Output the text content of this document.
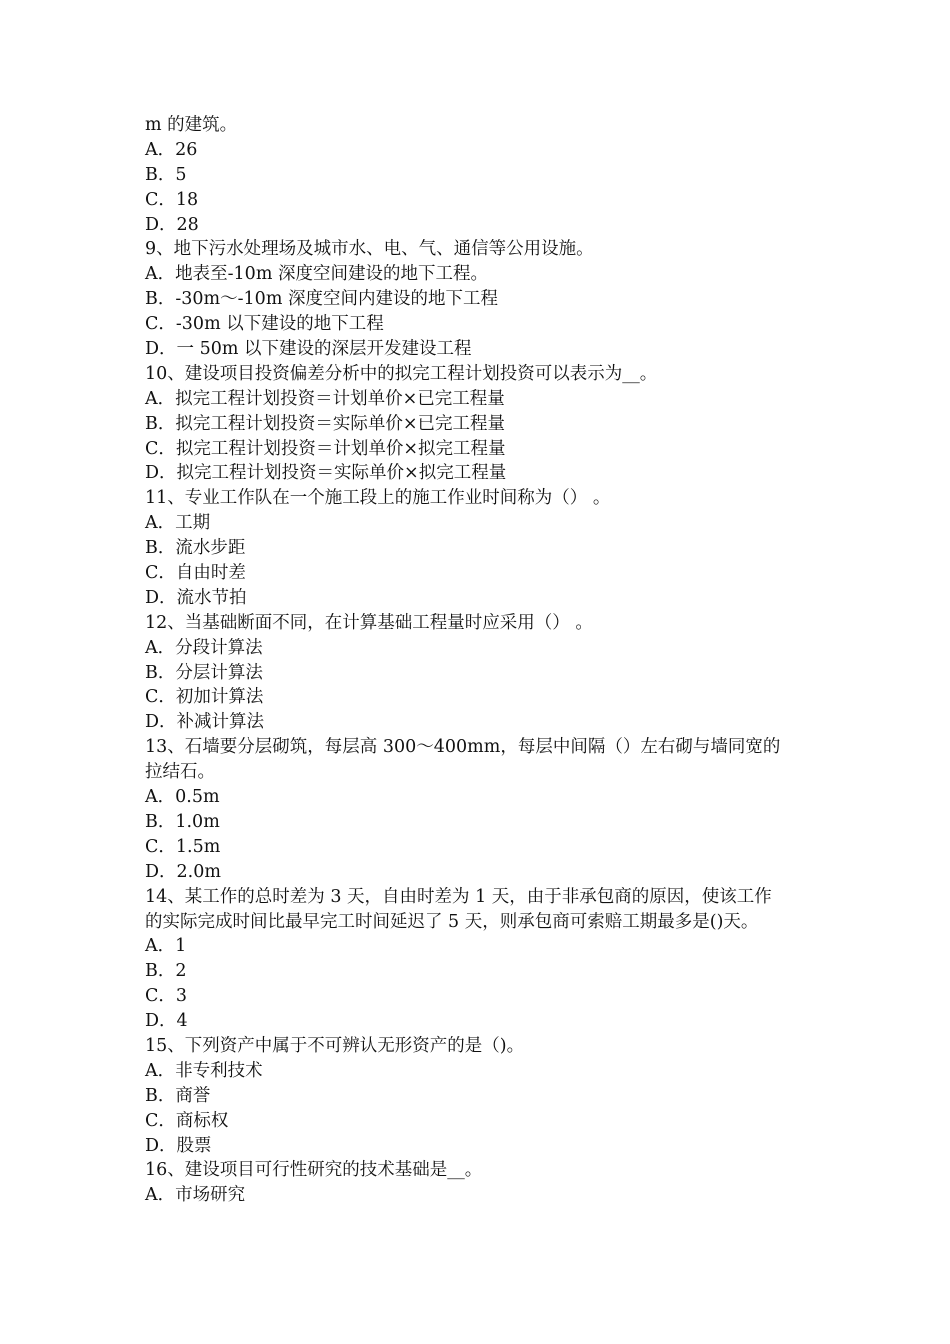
m 的建筑。
A．26
B．5
C．18
D．28
9、地下污水处理场及城市水、电、气、通信等公用设施。
A．地表至-10m 深度空间建设的地下工程。
B．-30m～-10m 深度空间内建设的地下工程
C．-30m 以下建设的地下工程
D．一 50m 以下建设的深层开发建设工程
10、建设项目投资偏差分析中的拟完工程计划投资可以表示为__。
A．拟完工程计划投资＝计划单价×已完工程量
B．拟完工程计划投资＝实际单价×已完工程量
C．拟完工程计划投资＝计划单价×拟完工程量
D．拟完工程计划投资＝实际单价×拟完工程量
11、专业工作队在一个施工段上的施工作业时间称为（） 。
A．工期
B．流水步距
C．自由时差
D．流水节拍
12、当基础断面不同，在计算基础工程量时应采用（） 。
A．分段计算法
B．分层计算法
C．初加计算法
D．补减计算法
13、石墙要分层砌筑，每层高 300～400mm，每层中间隔（）左右砌与墙同宽的
拉结石。
A．0.5m
B．1.0m
C．1.5m
D．2.0m
14、某工作的总时差为 3 天，自由时差为 1 天，由于非承包商的原因，使该工作
的实际完成时间比最早完工时间延迟了 5 天，则承包商可索赔工期最多是()天。
A．1
B．2
C．3
D．4
15、下列资产中属于不可辨认无形资产的是（)。
A．非专利技术
B．商誉
C．商标权
D．股票
16、建设项目可行性研究的技术基础是__。
A．市场研究
